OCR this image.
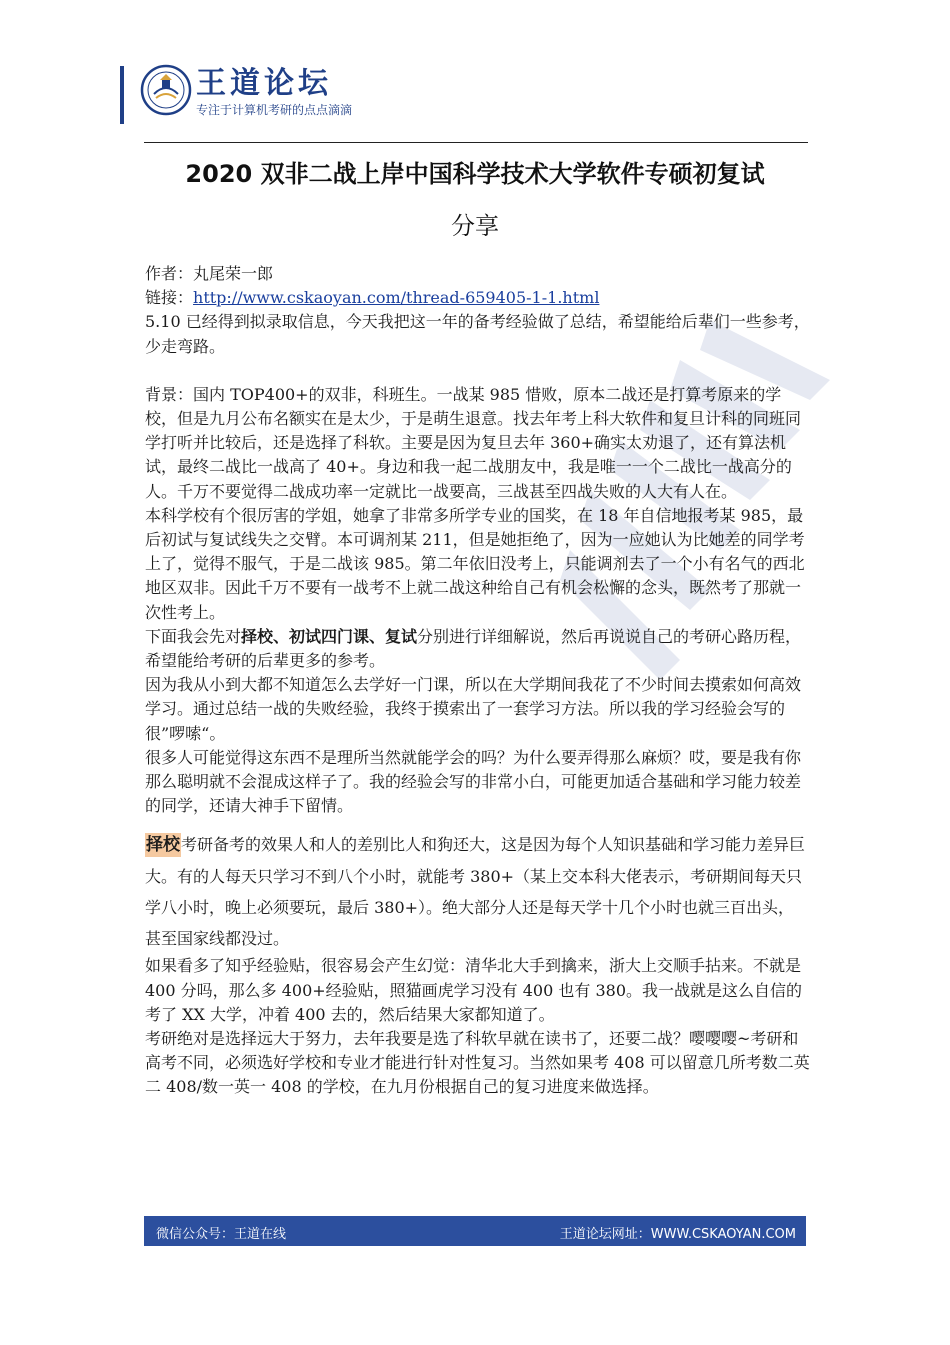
王道论坛
专注于计算机考研的点点滴滴
2020 双非二战上岸中国科学技术大学软件专硕初复试
分享

作者：丸尾荣一郎

链接：http://www.cskaoyan.com/thread-659405-1-1.html

5.10 已经得到拟录取信息，今天我把这一年的备考经验做了总结，希望能给后辈们一些参考，少走弯路。

背景：国内 TOP400+的双非，科班生。一战某 985 惜败，原本二战还是打算考原来的学校，但是九月公布名额实在是太少，于是萌生退意。找去年考上科大软件和复旦计科的同班同学打听并比较后，还是选择了科软。主要是因为复旦去年 360+确实太劝退了，还有算法机试，最终二战比一战高了 40+。身边和我一起二战朋友中，我是唯一一个二战比一战高分的人。千万不要觉得二战成功率一定就比一战要高，三战甚至四战失败的人大有人在。

本科学校有个很厉害的学姐，她拿了非常多所学专业的国奖，在 18 年自信地报考某 985，最后初试与复试线失之交臂。本可调剂某 211，但是她拒绝了，因为一应她认为比她差的同学考上了，觉得不服气，于是二战该 985。第二年依旧没考上，只能调剂去了一个小有名气的西北地区双非。因此千万不要有一战考不上就二战这种给自己有机会松懈的念头，既然考了那就一次性考上。

下面我会先对择校、初试四门课、复试分别进行详细解说，然后再说说自己的考研心路历程，希望能给考研的后辈更多的参考。

因为我从小到大都不知道怎么去学好一门课，所以在大学期间我花了不少时间去摸索如何高效学习。通过总结一战的失败经验，我终于摸索出了一套学习方法。所以我的学习经验会写的很”啰嗦“。

很多人可能觉得这东西不是理所当然就能学会的吗？为什么要弄得那么麻烦？哎，要是我有你那么聪明就不会混成这样子了。我的经验会写的非常小白，可能更加适合基础和学习能力较差的同学，还请大神手下留情。

择校考研备考的效果人和人的差别比人和狗还大，这是因为每个人知识基础和学习能力差异巨大。有的人每天只学习不到八个小时，就能考 380+（某上交本科大佬表示，考研期间每天只学八小时，晚上必须要玩，最后 380+）。绝大部分人还是每天学十几个小时也就三百出头，甚至国家线都没过。

如果看多了知乎经验贴，很容易会产生幻觉：清华北大手到擒来，浙大上交顺手拈来。不就是 400 分吗，那么多 400+经验贴，照猫画虎学习没有 400 也有 380。我一战就是这么自信的考了 XX 大学，冲着 400 去的，然后结果大家都知道了。

考研绝对是选择远大于努力，去年我要是选了科软早就在读书了，还要二战？嘤嘤嘤~考研和高考不同，必须选好学校和专业才能进行针对性复习。当然如果考 408 可以留意几所考数二英二 408/数一英一 408 的学校，在九月份根据自己的复习进度来做选择。

微信公众号：王道在线	王道论坛网址：WWW.CSKAOYAN.COM
